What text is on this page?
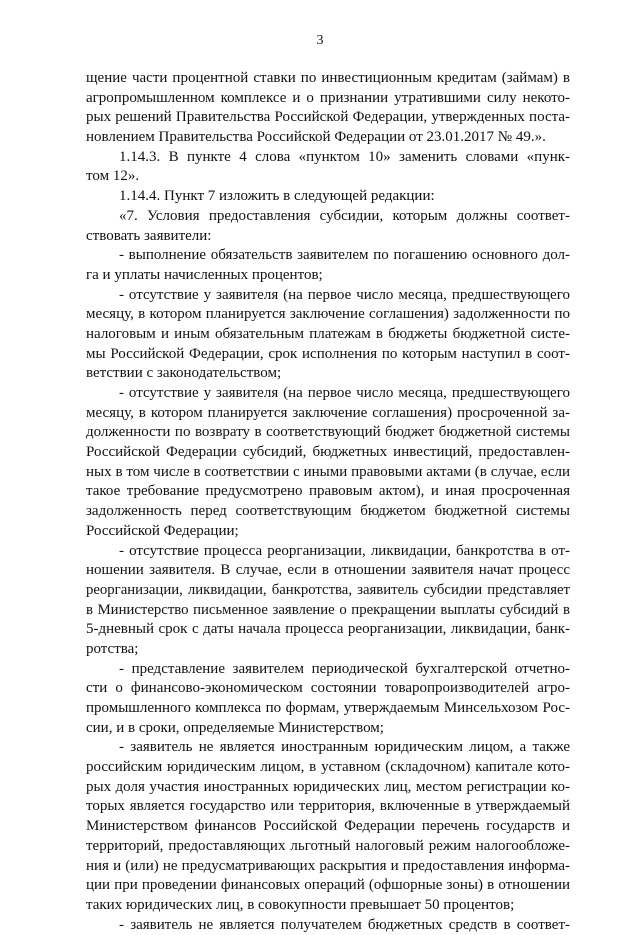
3
щение части процентной ставки по инвестиционным кредитам (займам) в
агропромышленном комплексе и о признании утратившими силу некото-
рых решений Правительства Российской Федерации, утвержденных поста-
новлением Правительства Российской Федерации от 23.01.2017 № 49.».
1.14.3. В пункте 4 слова «пунктом 10» заменить словами «пунк-
том 12».
1.14.4. Пункт 7 изложить в следующей редакции:
«7. Условия предоставления субсидии, которым должны соответ-
ствовать заявители:
- выполнение обязательств заявителем по погашению основного дол-
га и уплаты начисленных процентов;
- отсутствие у заявителя (на первое число месяца, предшествующего
месяцу, в котором планируется заключение соглашения) задолженности по
налоговым и иным обязательным платежам в бюджеты бюджетной систе-
мы Российской Федерации, срок исполнения по которым наступил в соот-
ветствии с законодательством;
- отсутствие у заявителя (на первое число месяца, предшествующего
месяцу, в котором планируется заключение соглашения) просроченной за-
долженности по возврату в соответствующий бюджет бюджетной системы
Российской Федерации субсидий, бюджетных инвестиций, предоставлен-
ных в том числе в соответствии с иными правовыми актами (в случае, если
такое требование предусмотрено правовым актом), и иная просроченная
задолженность перед соответствующим бюджетом бюджетной системы
Российской Федерации;
- отсутствие процесса реорганизации, ликвидации, банкротства в от-
ношении заявителя. В случае, если в отношении заявителя начат процесс
реорганизации, ликвидации, банкротства, заявитель субсидии представляет
в Министерство письменное заявление о прекращении выплаты субсидий в
5-дневный срок с даты начала процесса реорганизации, ликвидации, банк-
ротства;
- представление заявителем периодической бухгалтерской отчетно-
сти о финансово-экономическом состоянии товаропроизводителей агро-
промышленного комплекса по формам, утверждаемым Минсельхозом Рос-
сии, и в сроки, определяемые Министерством;
- заявитель не является иностранным юридическим лицом, а также
российским юридическим лицом, в уставном (складочном) капитале кото-
рых доля участия иностранных юридических лиц, местом регистрации ко-
торых является государство или территория, включенные в утверждаемый
Министерством финансов Российской Федерации перечень государств и
территорий, предоставляющих льготный налоговый режим налогообложе-
ния и (или) не предусматривающих раскрытия и предоставления информа-
ции при проведении финансовых операций (офшорные зоны) в отношении
таких юридических лиц, в совокупности превышает 50 процентов;
- заявитель не является получателем бюджетных средств в соответ-
